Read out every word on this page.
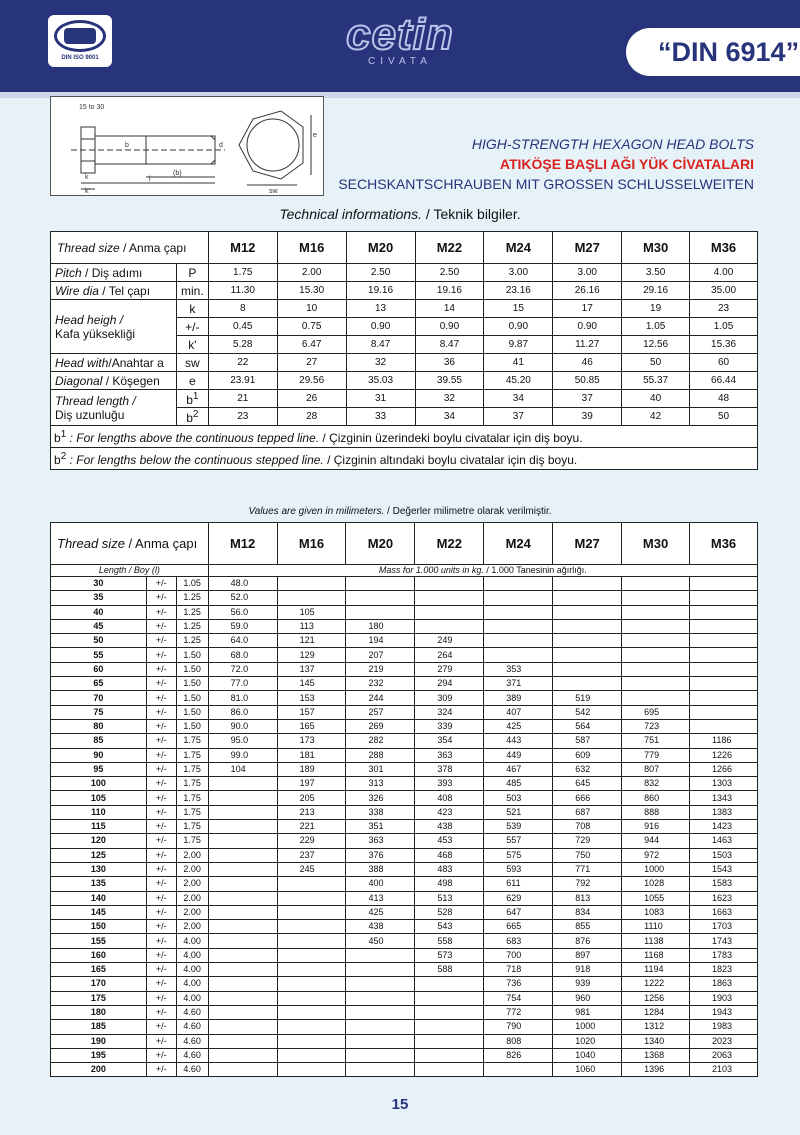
DIN ISO 9001	cetin
CIVATA	“DIN 6914”
15 to 30
b
l
(b)
k
k'	sw
e
d	HIGH-STRENGTH HEXAGON HEAD BOLTS
ATIKÖŞE BAŞLI AĞI YÜK CİVATALARI
SECHSKANTSCHRAUBEN MIT GROSSEN SCHLUSSELWEITEN
Technical informations. / Teknik bilgiler.
Thread size / Anma çapı		M12	M16	M20	M22	M24	M27	M30	M36
Pitch / Diş adımı	P	1.75	2.00	2.50	2.50	3.00	3.00	3.50	4.00
Wire dia / Tel çapı	min.	11.30	15.30	19.16	19.16	23.16	26.16	29.16	35.00
Head heigh /
Kafa yüksekliği	k	8	10	13	14	15	17	19	23
	+/-	0.45	0.75	0.90	0.90	0.90	0.90	1.05	1.05
	k'	5.28	6.47	8.47	8.47	9.87	11.27	12.56	15.36
Head with/Anahtar a	sw	22	27	32	36	41	46	50	60
Diagonal / Köşegen	e	23.91	29.56	35.03	39.55	45.20	50.85	55.37	66.44
Thread length /
Diş uzunluğu	$b^1$	21	26	31	32	34	37	40	48
	$b^2$	23	28	33	34	37	39	42	50
$b^1$ : For lengths above the continuous tepped line. / Çizginin üzerindeki boylu civatalar için diş boyu.									
$b^2$ : For lengths below the continuous stepped line. / Çizginin altındaki boylu civatalar için diş boyu.									
Values are given in milimeters. / Değerler milimetre olarak verilmiştir.
Thread size / Anma çapı			M12	M16	M20	M22	M24	M27	M30	M36
Length / Boy (l)			Mass for 1.000 units in kg. / 1.000 Tanesinin ağırlığı.							
30	+/-	1.05	48.0							
35	+/-	1.25	52.0							
40	+/-	1.25	56.0	105						
45	+/-	1.25	59.0	113	180					
50	+/-	1.25	64.0	121	194	249				
55	+/-	1.50	68.0	129	207	264				
60	+/-	1.50	72.0	137	219	279	353			
65	+/-	1.50	77.0	145	232	294	371			
70	+/-	1.50	81.0	153	244	309	389	519		
75	+/-	1.50	86.0	157	257	324	407	542	695	
80	+/-	1.50	90.0	165	269	339	425	564	723	
85	+/-	1.75	95.0	173	282	354	443	587	751	1186
90	+/-	1.75	99.0	181	288	363	449	609	779	1226
95	+/-	1.75	104	189	301	378	467	632	807	1266
100	+/-	1.75		197	313	393	485	645	832	1303
105	+/-	1.75		205	326	408	503	666	860	1343
110	+/-	1.75		213	338	423	521	687	888	1383
115	+/-	1.75		221	351	438	539	708	916	1423
120	+/-	1.75		229	363	453	557	729	944	1463
125	+/-	2.00		237	376	468	575	750	972	1503
130	+/-	2.00		245	388	483	593	771	1000	1543
135	+/-	2.00			400	498	611	792	1028	1583
140	+/-	2.00			413	513	629	813	1055	1623
145	+/-	2.00			425	528	647	834	1083	1663
150	+/-	2.00			438	543	665	855	1110	1703
155	+/-	4.00			450	558	683	876	1138	1743
160	+/-	4.00				573	700	897	1168	1783
165	+/-	4.00				588	718	918	1194	1823
170	+/-	4.00					736	939	1222	1863
175	+/-	4.00					754	960	1256	1903
180	+/-	4.60					772	981	1284	1943
185	+/-	4.60					790	1000	1312	1983
190	+/-	4.60					808	1020	1340	2023
195	+/-	4.60					826	1040	1368	2063
200	+/-	4.60						1060	1396	2103
15
